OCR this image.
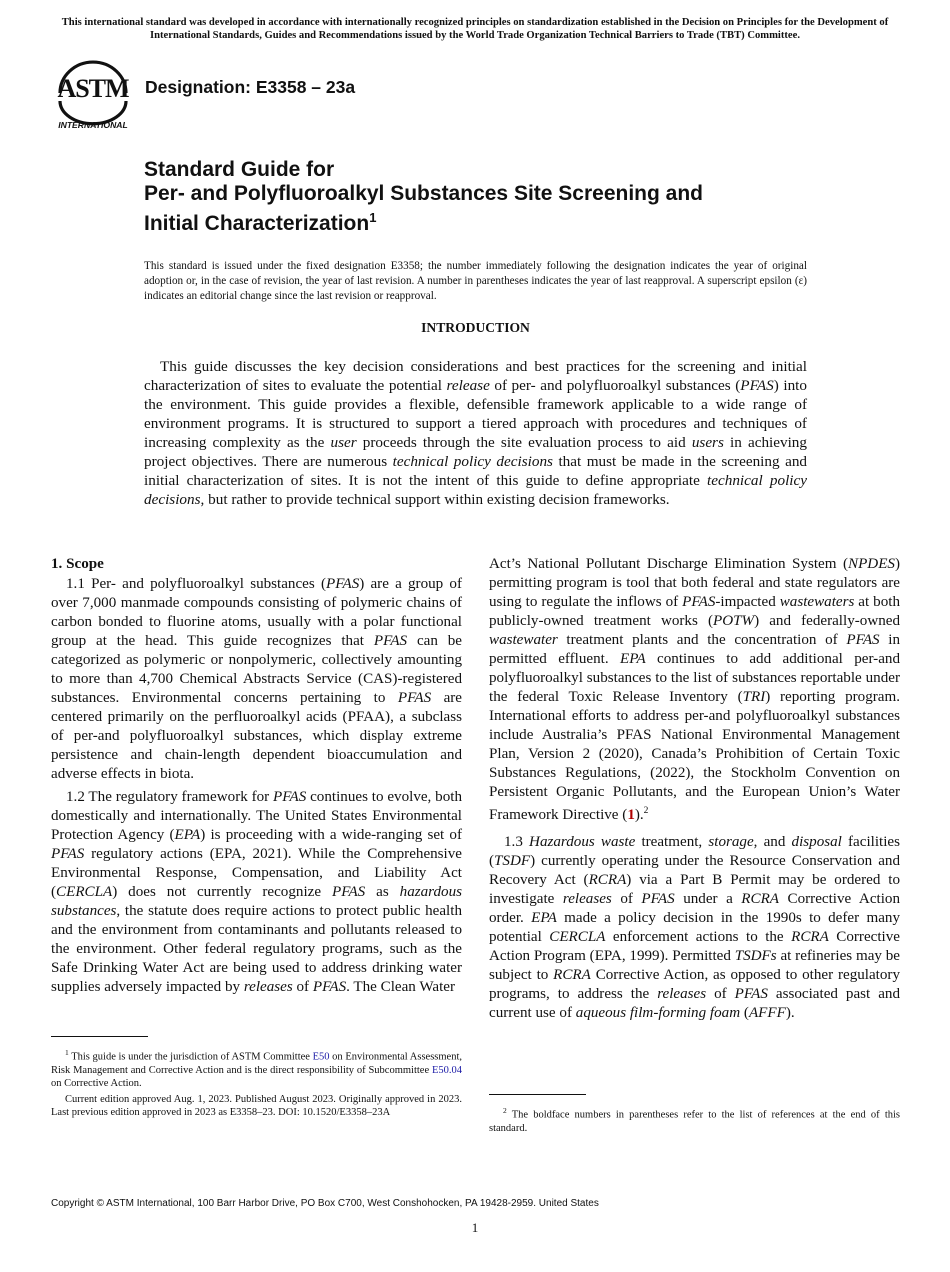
This international standard was developed in accordance with internationally recognized principles on standardization established in the Decision on Principles for the Development of International Standards, Guides and Recommendations issued by the World Trade Organization Technical Barriers to Trade (TBT) Committee.
ASTM
INTERNATIONAL
Designation: E3358 – 23a
Standard Guide for
Per- and Polyfluoroalkyl Substances Site Screening and
Initial Characterization$^1$
This standard is issued under the fixed designation E3358; the number immediately following the designation indicates the year of original adoption or, in the case of revision, the year of last revision. A number in parentheses indicates the year of last reapproval. A superscript epsilon (ε) indicates an editorial change since the last revision or reapproval.
INTRODUCTION

This guide discusses the key decision considerations and best practices for the screening and initial characterization of sites to evaluate the potential release of per- and polyfluoroalkyl substances (PFAS) into the environment. This guide provides a flexible, defensible framework applicable to a wide range of environment programs. It is structured to support a tiered approach with procedures and techniques of increasing complexity as the user proceeds through the site evaluation process to aid users in achieving project objectives. There are numerous technical policy decisions that must be made in the screening and initial characterization of sites. It is not the intent of this guide to define appropriate technical policy decisions, but rather to provide technical support within existing decision frameworks.

1. Scope

1.1 Per- and polyfluoroalkyl substances (PFAS) are a group of over 7,000 manmade compounds consisting of polymeric chains of carbon bonded to fluorine atoms, usually with a polar functional group at the head. This guide recognizes that PFAS can be categorized as polymeric or nonpolymeric, collectively amounting to more than 4,700 Chemical Abstracts Service (CAS)-registered substances. Environmental concerns pertaining to PFAS are centered primarily on the perfluoroalkyl acids (PFAA), a subclass of per-and polyfluoroalkyl substances, which display extreme persistence and chain-length dependent bioaccumulation and adverse effects in biota.

1.2 The regulatory framework for PFAS continues to evolve, both domestically and internationally. The United States Environmental Protection Agency (EPA) is proceeding with a wide-ranging set of PFAS regulatory actions (EPA, 2021). While the Comprehensive Environmental Response, Compensation, and Liability Act (CERCLA) does not currently recognize PFAS as hazardous substances, the statute does require actions to protect public health and the environment from contaminants and pollutants released to the environment. Other federal regulatory programs, such as the Safe Drinking Water Act are being used to address drinking water supplies adversely impacted by releases of PFAS. The Clean Water

Act’s National Pollutant Discharge Elimination System (NPDES) permitting program is tool that both federal and state regulators are using to regulate the inflows of PFAS-impacted wastewaters at both publicly-owned treatment works (POTW) and federally-owned wastewater treatment plants and the concentration of PFAS in permitted effluent. EPA continues to add additional per-and polyfluoroalkyl substances to the list of substances reportable under the federal Toxic Release Inventory (TRI) reporting program. International efforts to address per-and polyfluoroalkyl substances include Australia’s PFAS National Environmental Management Plan, Version 2 (2020), Canada’s Prohibition of Certain Toxic Substances Regulations, (2022), the Stockholm Convention on Persistent Organic Pollutants, and the European Union’s Water Framework Directive (1).$^2$

1.3 Hazardous waste treatment, storage, and disposal facilities (TSDF) currently operating under the Resource Conservation and Recovery Act (RCRA) via a Part B Permit may be ordered to investigate releases of PFAS under a RCRA Corrective Action order. EPA made a policy decision in the 1990s to defer many potential CERCLA enforcement actions to the RCRA Corrective Action Program (EPA, 1999). Permitted TSDFs at refineries may be subject to RCRA Corrective Action, as opposed to other regulatory programs, to address the releases of PFAS associated past and current use of aqueous film-forming foam (AFFF).

$^1$ This guide is under the jurisdiction of ASTM Committee E50 on Environmental Assessment, Risk Management and Corrective Action and is the direct responsibility of Subcommittee E50.04 on Corrective Action.

Current edition approved Aug. 1, 2023. Published August 2023. Originally approved in 2023. Last previous edition approved in 2023 as E3358–23. DOI: 10.1520/E3358–23A	$^2$ The boldface numbers in parentheses refer to the list of references at the end of this standard.

Copyright © ASTM International, 100 Barr Harbor Drive, PO Box C700, West Conshohocken, PA 19428-2959. United States
1
